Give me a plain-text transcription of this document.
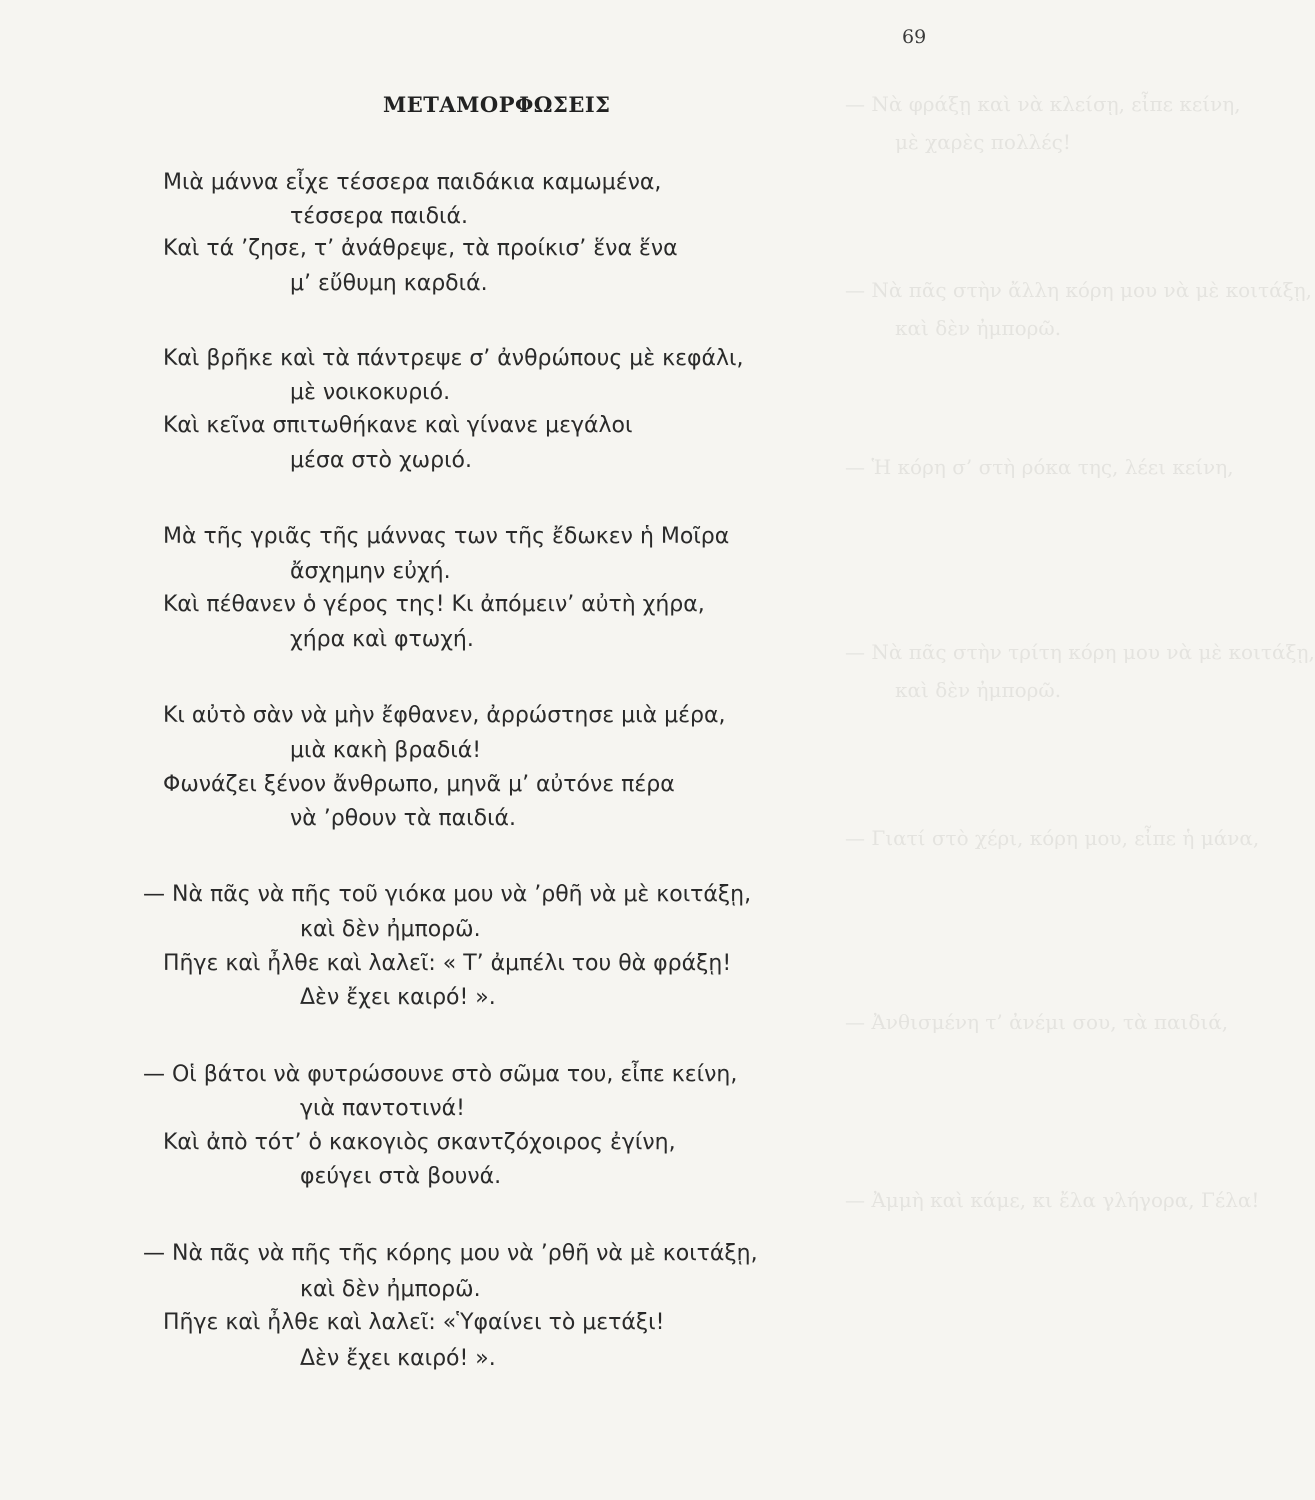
69
ΜΕΤΑΜΟΡΦΩΣΕΙΣ	— Νὰ φράξῃ καὶ νὰ κλείσῃ, εἶπε κείνη,
μὲ χαρὲς πολλές!
— Νὰ πᾶς στὴν ἄλλη κόρη μου νὰ μὲ κοιτάξῃ,
καὶ δὲν ἠμπορῶ.
— Ἡ κόρη σ’ στὴ ρόκα της, λέει κείνη,
— Νὰ πᾶς στὴν τρίτη κόρη μου νὰ μὲ κοιτάξῃ,
καὶ δὲν ἠμπορῶ.
— Γιατί στὸ χέρι, κόρη μου, εἶπε ἡ μάνα,
— Ἀνθισμένη τ’ ἀνέμι σου, τὰ παιδιά,
— Ἀμμὴ καὶ κάμε, κι ἔλα γλήγορα, Γέλα!
Μιὰ μάννα εἶχε τέσσερα παιδάκια καμωμένα,
τέσσερα παιδιά.
Καὶ τά ’ζησε, τ’ ἀνάθρεψε, τὰ προίκισ’ ἕνα ἕνα
μ’ εὔθυμη καρδιά.
Καὶ βρῆκε καὶ τὰ πάντρεψε σ’ ἀνθρώπους μὲ κεφάλι,
μὲ νοικοκυριό.
Καὶ κεῖνα σπιτωθήκανε καὶ γίνανε μεγάλοι
μέσα στὸ χωριό.
Μὰ τῆς γριᾶς τῆς μάννας των τῆς ἔδωκεν ἡ Μοῖρα
ἄσχημην εὐχή.
Καὶ πέθανεν ὁ γέρος της! Κι ἀπόμειν’ αὐτὴ χήρα,
χήρα καὶ φτωχή.
Κι αὐτὸ σὰν νὰ μὴν ἔφθανεν, ἀρρώστησε μιὰ μέρα,
μιὰ κακὴ βραδιά!
Φωνάζει ξένον ἄνθρωπο, μηνᾶ μ’ αὐτόνε πέρα
νὰ ’ρθουν τὰ παιδιά.
— Νὰ πᾶς νὰ πῆς τοῦ γιόκα μου νὰ ’ρθῆ νὰ μὲ κοιτάξῃ,
καὶ δὲν ἠμπορῶ.
Πῆγε καὶ ἦλθε καὶ λαλεῖ: « Τ’ ἀμπέλι του θὰ φράξῃ!
Δὲν ἔχει καιρό! ».
— Οἱ βάτοι νὰ φυτρώσουνε στὸ σῶμα του, εἶπε κείνη,
γιὰ παντοτινά!
Καὶ ἀπὸ τότ’ ὁ κακογιὸς σκαντζόχοιρος ἐγίνη,
φεύγει στὰ βουνά.
— Νὰ πᾶς νὰ πῆς τῆς κόρης μου νὰ ’ρθῆ νὰ μὲ κοιτάξῃ,
καὶ δὲν ἠμπορῶ.
Πῆγε καὶ ἦλθε καὶ λαλεῖ: «Ὑφαίνει τὸ μετάξι!
Δὲν ἔχει καιρό! ».
